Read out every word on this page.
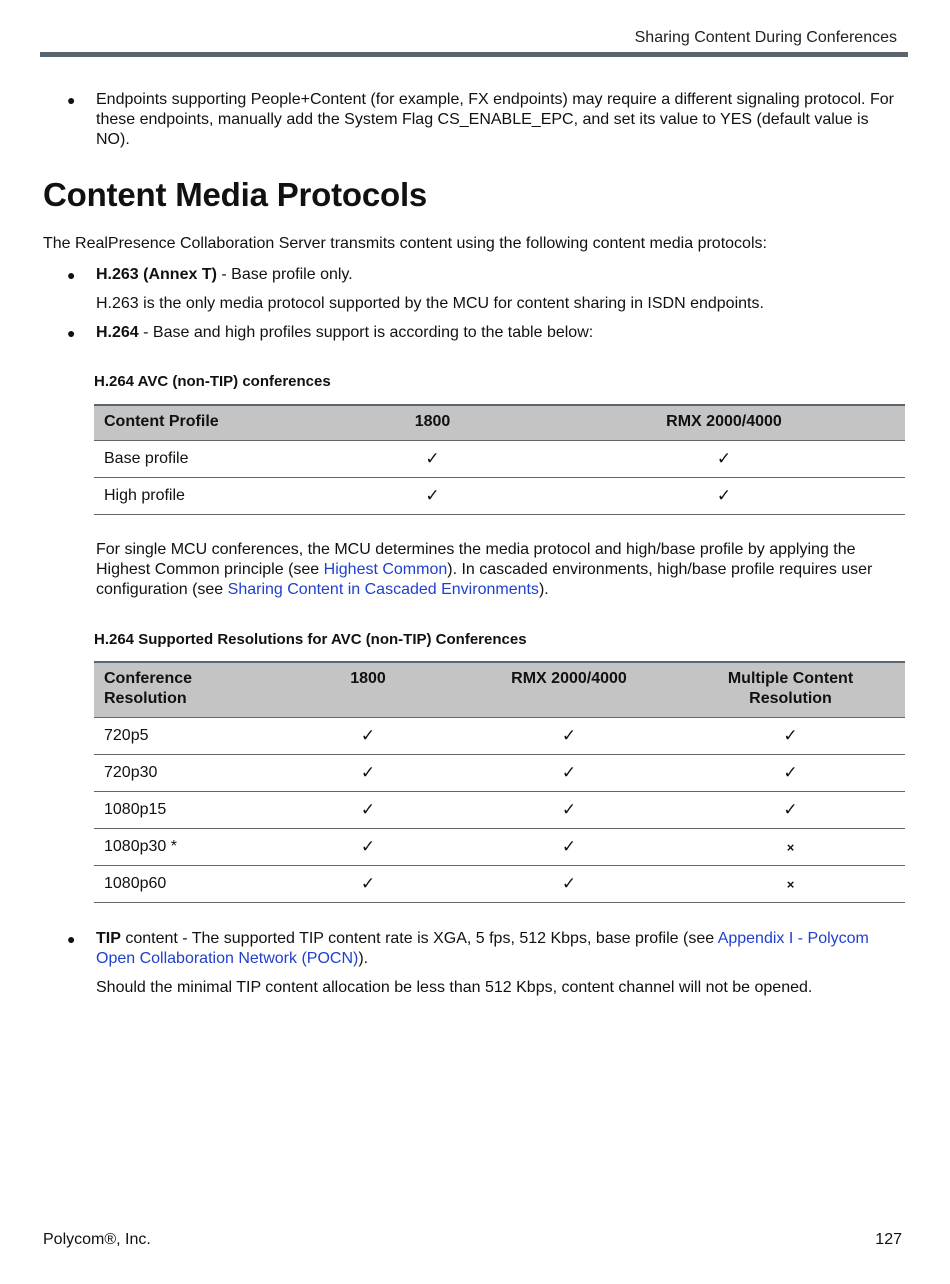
Sharing Content During Conferences
● Endpoints supporting People+Content (for example, FX endpoints) may require a different signaling protocol. For these endpoints, manually add the System Flag CS_ENABLE_EPC, and set its value to YES (default value is NO).
Content Media Protocols
The RealPresence Collaboration Server transmits content using the following content media protocols:
● H.263 (Annex T) - Base profile only.
H.263 is the only media protocol supported by the MCU for content sharing in ISDN endpoints.
● H.264 - Base and high profiles support is according to the table below:
H.264 AVC (non-TIP) conferences
Content Profile	1800	RMX 2000/4000
Base profile	✓	✓
High profile	✓	✓
For single MCU conferences, the MCU determines the media protocol and high/base profile by applying the Highest Common principle (see Highest Common). In cascaded environments, high/base profile requires user configuration (see Sharing Content in Cascaded Environments).
H.264 Supported Resolutions for AVC (non-TIP) Conferences
Conference Resolution	1800	RMX 2000/4000	Multiple Content Resolution
720p5	✓	✓	✓
720p30	✓	✓	✓
1080p15	✓	✓	✓
1080p30 *	✓	✓	×
1080p60	✓	✓	×
● TIP content - The supported TIP content rate is XGA, 5 fps, 512 Kbps, base profile (see Appendix I - Polycom Open Collaboration Network (POCN)).
Should the minimal TIP content allocation be less than 512 Kbps, content channel will not be opened.
Polycom®, Inc.	127
